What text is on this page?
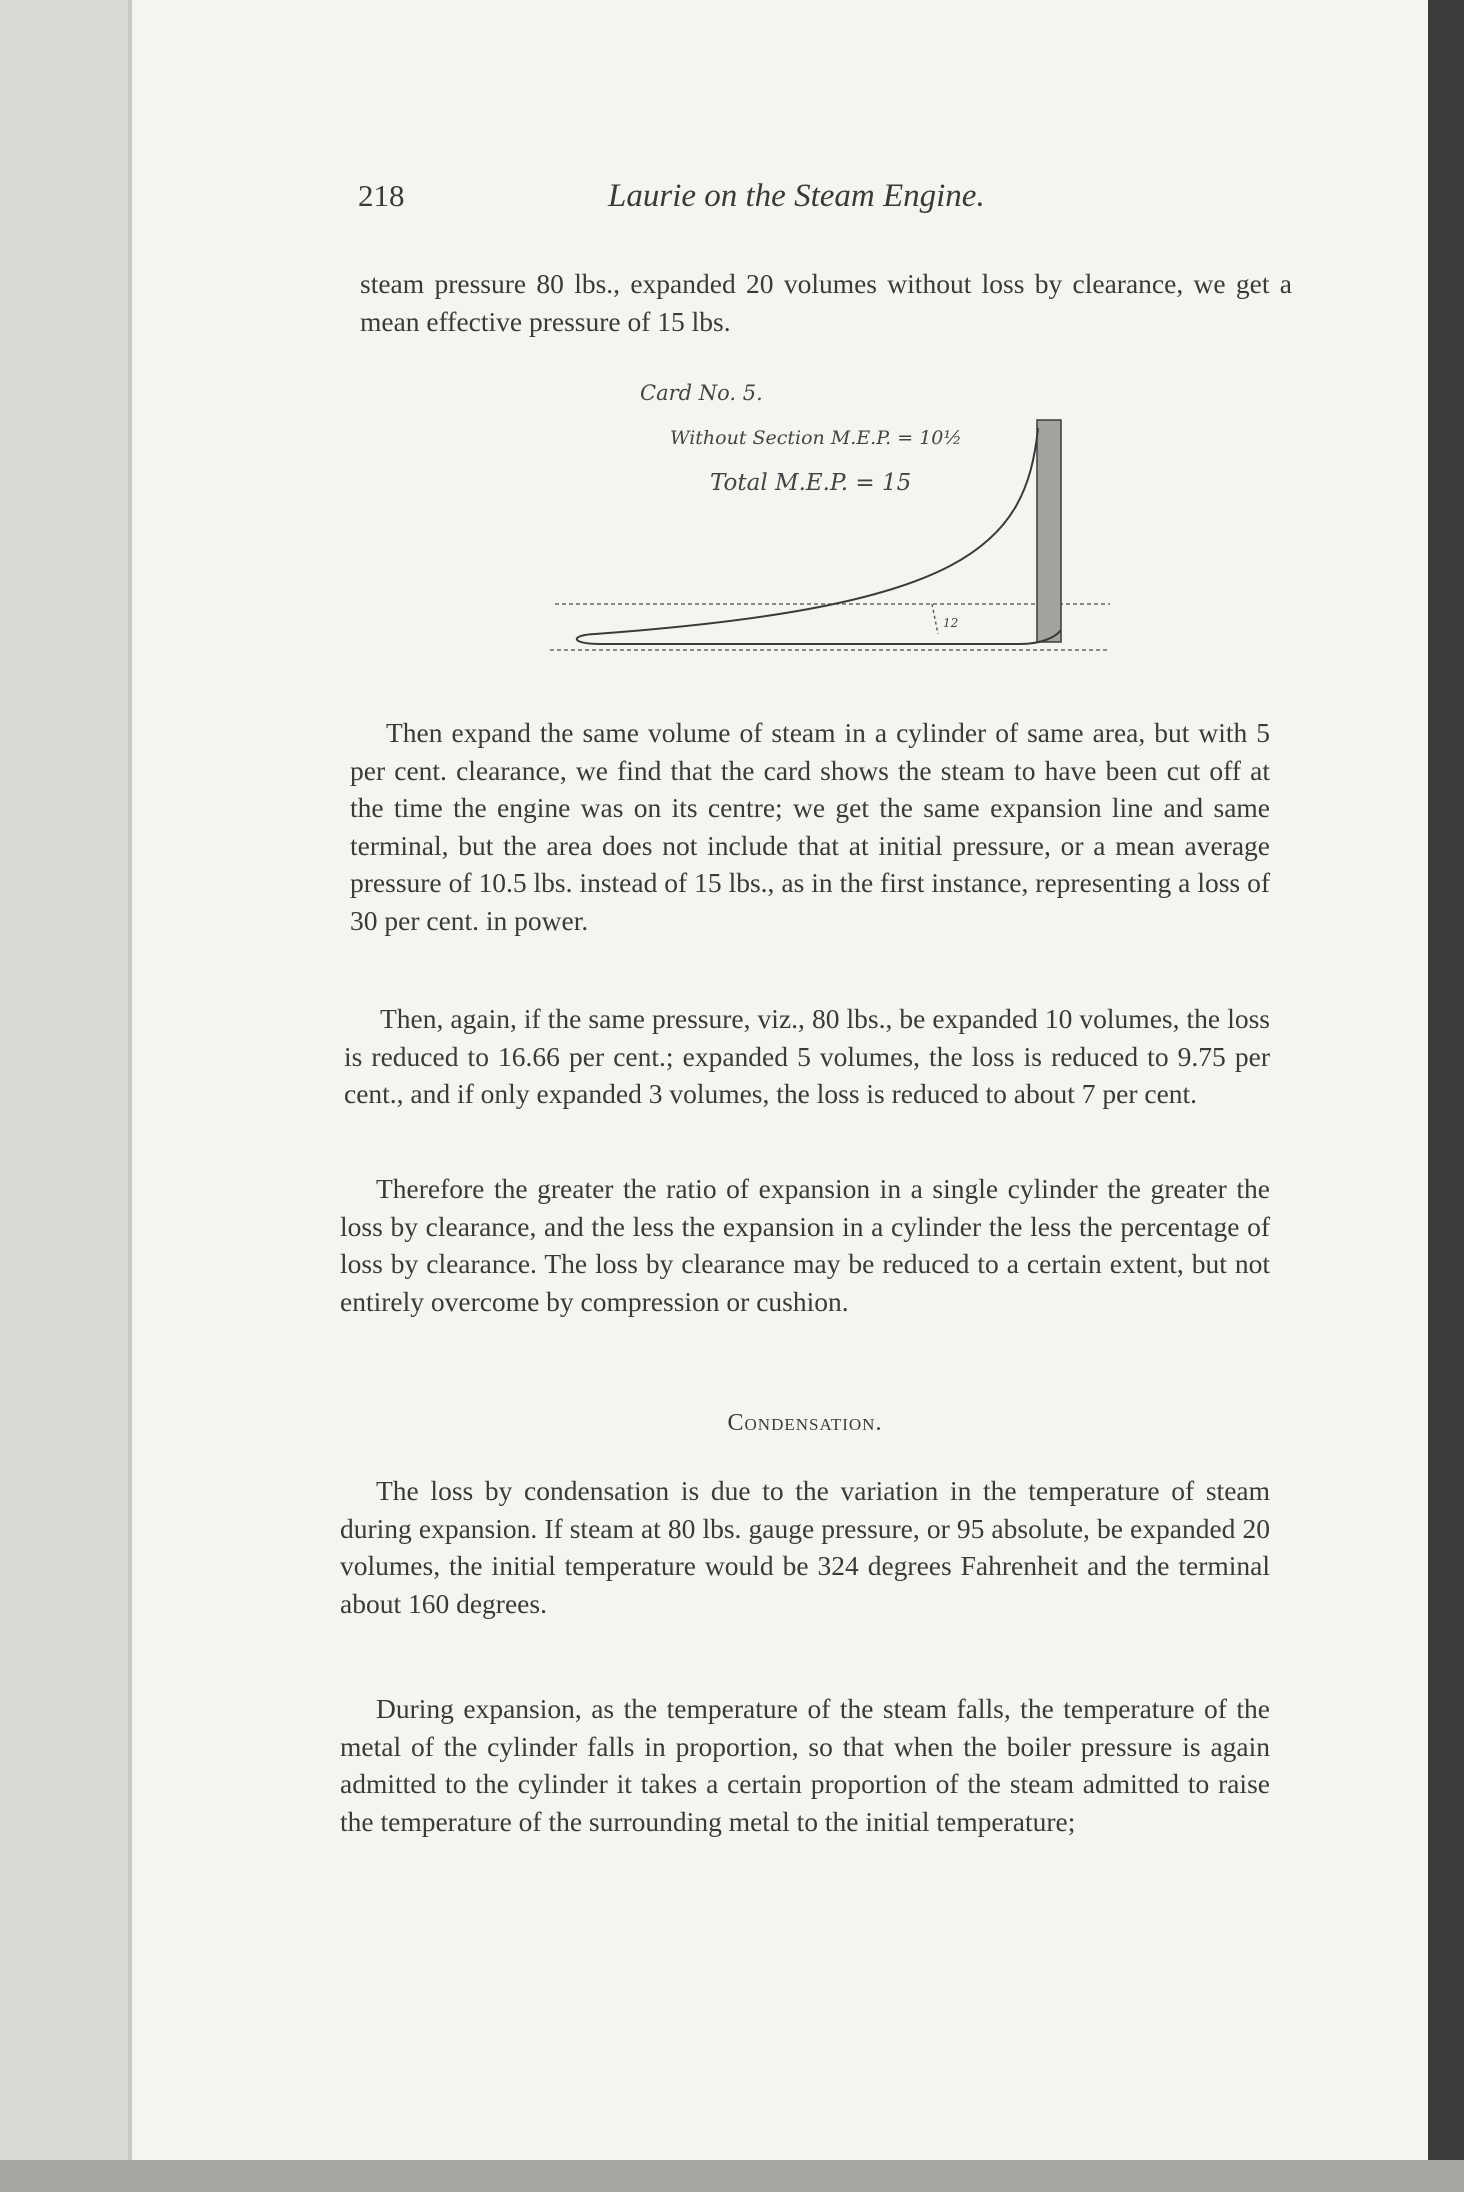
218	Laurie on the Steam Engine.

steam pressure 80 lbs., expanded 20 volumes without loss by clearance, we get a mean effective pressure of 15 lbs.

Card No. 5.
Without Section M.E.P. = 10½
Total M.E.P. = 15
12

Then expand the same volume of steam in a cylinder of same area, but with 5 per cent. clearance, we find that the card shows the steam to have been cut off at the time the engine was on its centre; we get the same expansion line and same terminal, but the area does not include that at initial pressure, or a mean average pressure of 10.5 lbs. instead of 15 lbs., as in the first instance, representing a loss of 30 per cent. in power.

Then, again, if the same pressure, viz., 80 lbs., be expanded 10 volumes, the loss is reduced to 16.66 per cent.; expanded 5 volumes, the loss is reduced to 9.75 per cent., and if only expanded 3 volumes, the loss is reduced to about 7 per cent.

Therefore the greater the ratio of expansion in a single cylinder the greater the loss by clearance, and the less the expansion in a cylinder the less the percentage of loss by clearance. The loss by clearance may be reduced to a certain extent, but not entirely overcome by compression or cushion.

Condensation.

The loss by condensation is due to the variation in the temperature of steam during expansion. If steam at 80 lbs. gauge pressure, or 95 absolute, be expanded 20 volumes, the initial temperature would be 324 degrees Fahrenheit and the terminal about 160 degrees.

During expansion, as the temperature of the steam falls, the temperature of the metal of the cylinder falls in proportion, so that when the boiler pressure is again admitted to the cylinder it takes a certain proportion of the steam admitted to raise the temperature of the surrounding metal to the initial temperature;
